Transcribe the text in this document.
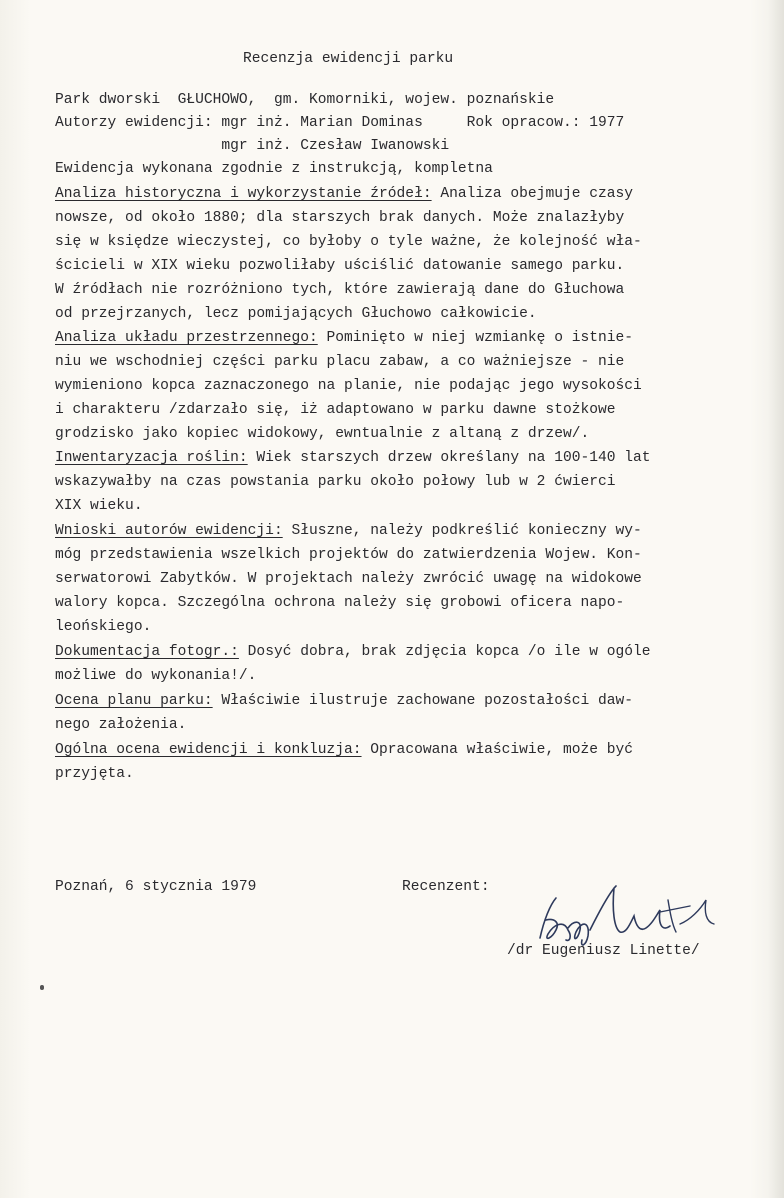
Recenzja ewidencji parku
Park dworski  GŁUCHOWO,  gm. Komorniki, wojew. poznańskie
Autorzy ewidencji: mgr inż. Marian Dominas     Rok opracow.: 1977
mgr inż. Czesław Iwanowski
Ewidencja wykonana zgodnie z instrukcją, kompletna
Analiza historyczna i wykorzystanie źródeł: Analiza obejmuje czasy
nowsze, od około 1880; dla starszych brak danych. Może znalazłyby
się w księdze wieczystej, co byłoby o tyle ważne, że kolejność wła-
ścicieli w XIX wieku pozwoliłaby uściślić datowanie samego parku.
W źródłach nie rozróżniono tych, które zawierają dane do Głuchowa
od przejrzanych, lecz pomijających Głuchowo całkowicie.
Analiza układu przestrzennego: Pominięto w niej wzmiankę o istnie-
niu we wschodniej części parku placu zabaw, a co ważniejsze - nie
wymieniono kopca zaznaczonego na planie, nie podając jego wysokości
i charakteru /zdarzało się, iż adaptowano w parku dawne stożkowe
grodzisko jako kopiec widokowy, ewntualnie z altaną z drzew/.
Inwentaryzacja roślin: Wiek starszych drzew określany na 100-140 lat
wskazywałby na czas powstania parku około połowy lub w 2 ćwierci
XIX wieku.
Wnioski autorów ewidencji: Słuszne, należy podkreślić konieczny wy-
móg przedstawienia wszelkich projektów do zatwierdzenia Wojew. Kon-
serwatorowi Zabytków. W projektach należy zwrócić uwagę na widokowe
walory kopca. Szczególna ochrona należy się grobowi oficera napo-
leońskiego.
Dokumentacja fotogr.: Dosyć dobra, brak zdjęcia kopca /o ile w ogóle
możliwe do wykonania!/.
Ocena planu parku: Właściwie ilustruje zachowane pozostałości daw-
nego założenia.
Ogólna ocena ewidencji i konkluzja: Opracowana właściwie, może być
przyjęta.
Poznań, 6 stycznia 1979	Recenzent:
/dr Eugeniusz Linette/
